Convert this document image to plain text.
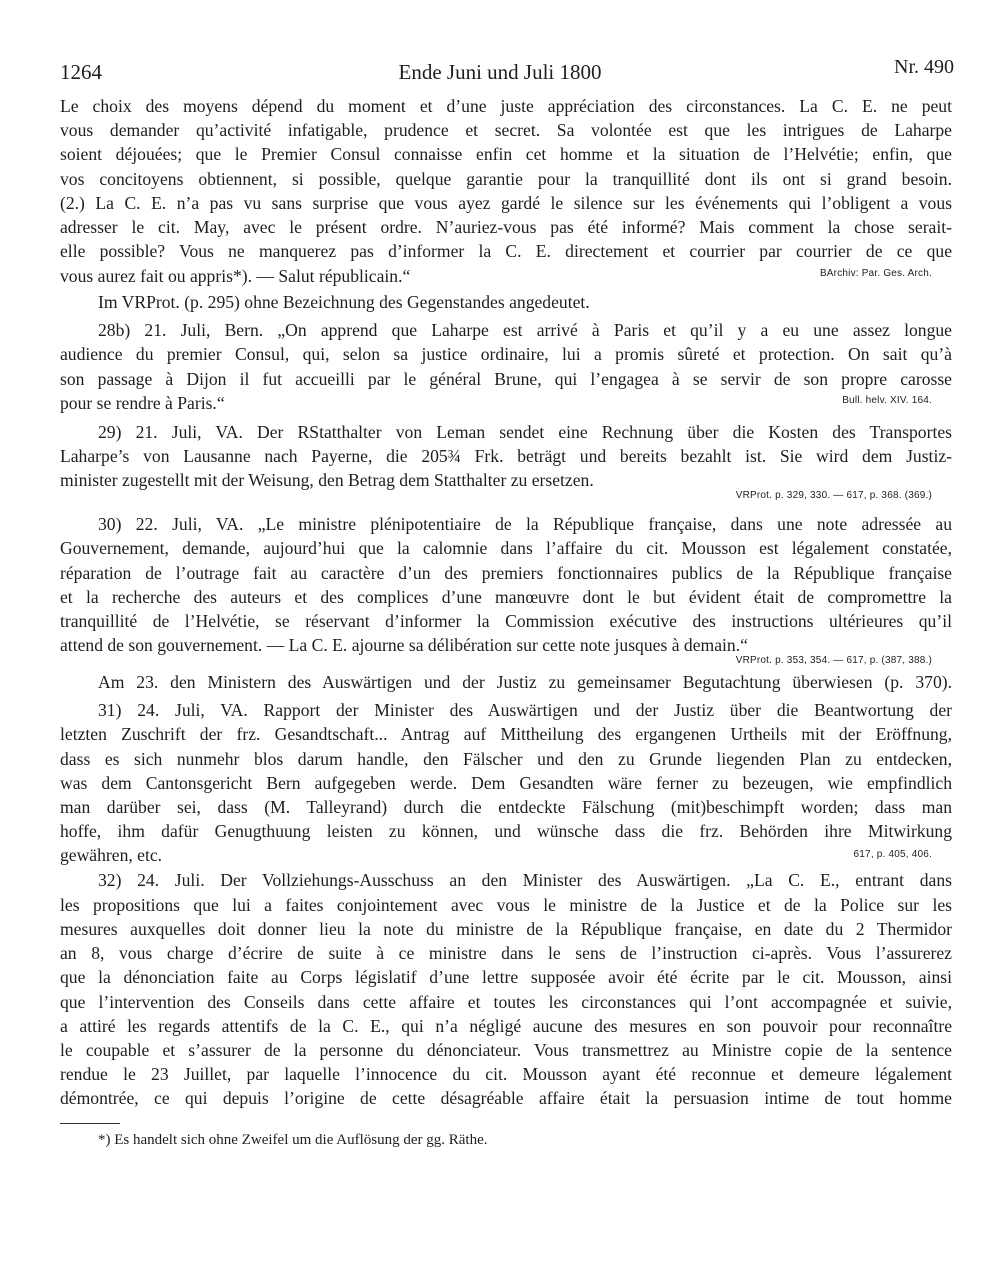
1264	Ende Juni und Juli 1800	Nr. 490
Le choix des moyens dépend du moment et d’une juste appréciation des circonstances. La C. E. ne peut
vous demander qu’activité infatigable, prudence et secret. Sa volontée est que les intrigues de Laharpe
soient déjouées; que le Premier Consul connaisse enfin cet homme et la situation de l’Helvétie; enfin, que
vos concitoyens obtiennent, si possible, quelque garantie pour la tranquillité dont ils ont si grand besoin.
(2.) La C. E. n’a pas vu sans surprise que vous ayez gardé le silence sur les événements qui l’obligent a vous
adresser le cit. May, avec le présent ordre. N’auriez-vous pas été informé? Mais comment la chose serait-
elle possible? Vous ne manquerez pas d’informer la C. E. directement et courrier par courrier de ce que
vous aurez fait ou appris*). — Salut républicain.“	BArchiv: Par. Ges. Arch.
Im VRProt. (p. 295) ohne Bezeichnung des Gegenstandes angedeutet.
28b) 21. Juli, Bern. „On apprend que Laharpe est arrivé à Paris et qu’il y a eu une assez longue
audience du premier Consul, qui, selon sa justice ordinaire, lui a promis sûreté et protection. On sait qu’à
son passage à Dijon il fut accueilli par le général Brune, qui l’engagea à se servir de son propre carosse
pour se rendre à Paris.“	Bull. helv. XIV. 164.
29) 21. Juli, VA. Der RStatthalter von Leman sendet eine Rechnung über die Kosten des Transportes
Laharpe’s von Lausanne nach Payerne, die 205¾ Frk. beträgt und bereits bezahlt ist. Sie wird dem Justiz-
minister zugestellt mit der Weisung, den Betrag dem Statthalter zu ersetzen.
VRProt. p. 329, 330. — 617, p. 368. (369.)
30) 22. Juli, VA. „Le ministre plénipotentiaire de la République française, dans une note adressée au
Gouvernement, demande, aujourd’hui que la calomnie dans l’affaire du cit. Mousson est légalement constatée,
réparation de l’outrage fait au caractère d’un des premiers fonctionnaires publics de la République française
et la recherche des auteurs et des complices d’une manœuvre dont le but évident était de compromettre la
tranquillité de l’Helvétie, se réservant d’informer la Commission exécutive des instructions ultérieures qu’il
attend de son gouvernement. — La C. E. ajourne sa délibération sur cette note jusques à demain.“
VRProt. p. 353, 354. — 617, p. (387, 388.)
Am 23. den Ministern des Auswärtigen und der Justiz zu gemeinsamer Begutachtung überwiesen (p. 370).
31) 24. Juli, VA. Rapport der Minister des Auswärtigen und der Justiz über die Beantwortung der
letzten Zuschrift der frz. Gesandtschaft... Antrag auf Mittheilung des ergangenen Urtheils mit der Eröffnung,
dass es sich nunmehr blos darum handle, den Fälscher und den zu Grunde liegenden Plan zu entdecken,
was dem Cantonsgericht Bern aufgegeben werde. Dem Gesandten wäre ferner zu bezeugen, wie empfindlich
man darüber sei, dass (M. Talleyrand) durch die entdeckte Fälschung (mit)beschimpft worden; dass man
hoffe, ihm dafür Genugthuung leisten zu können, und wünsche dass die frz. Behörden ihre Mitwirkung
gewähren, etc.	617, p. 405, 406.
32) 24. Juli. Der Vollziehungs-Ausschuss an den Minister des Auswärtigen. „La C. E., entrant dans
les propositions que lui a faites conjointement avec vous le ministre de la Justice et de la Police sur les
mesures auxquelles doit donner lieu la note du ministre de la République française, en date du 2 Thermidor
an 8, vous charge d’écrire de suite à ce ministre dans le sens de l’instruction ci-après. Vous l’assurerez
que la dénonciation faite au Corps législatif d’une lettre supposée avoir été écrite par le cit. Mousson, ainsi
que l’intervention des Conseils dans cette affaire et toutes les circonstances qui l’ont accompagnée et suivie,
a attiré les regards attentifs de la C. E., qui n’a négligé aucune des mesures en son pouvoir pour reconnaître
le coupable et s’assurer de la personne du dénonciateur. Vous transmettrez au Ministre copie de la sentence
rendue le 23 Juillet, par laquelle l’innocence du cit. Mousson ayant été reconnue et demeure légalement
démontrée, ce qui depuis l’origine de cette désagréable affaire était la persuasion intime de tout homme
*) Es handelt sich ohne Zweifel um die Auflösung der gg. Räthe.
